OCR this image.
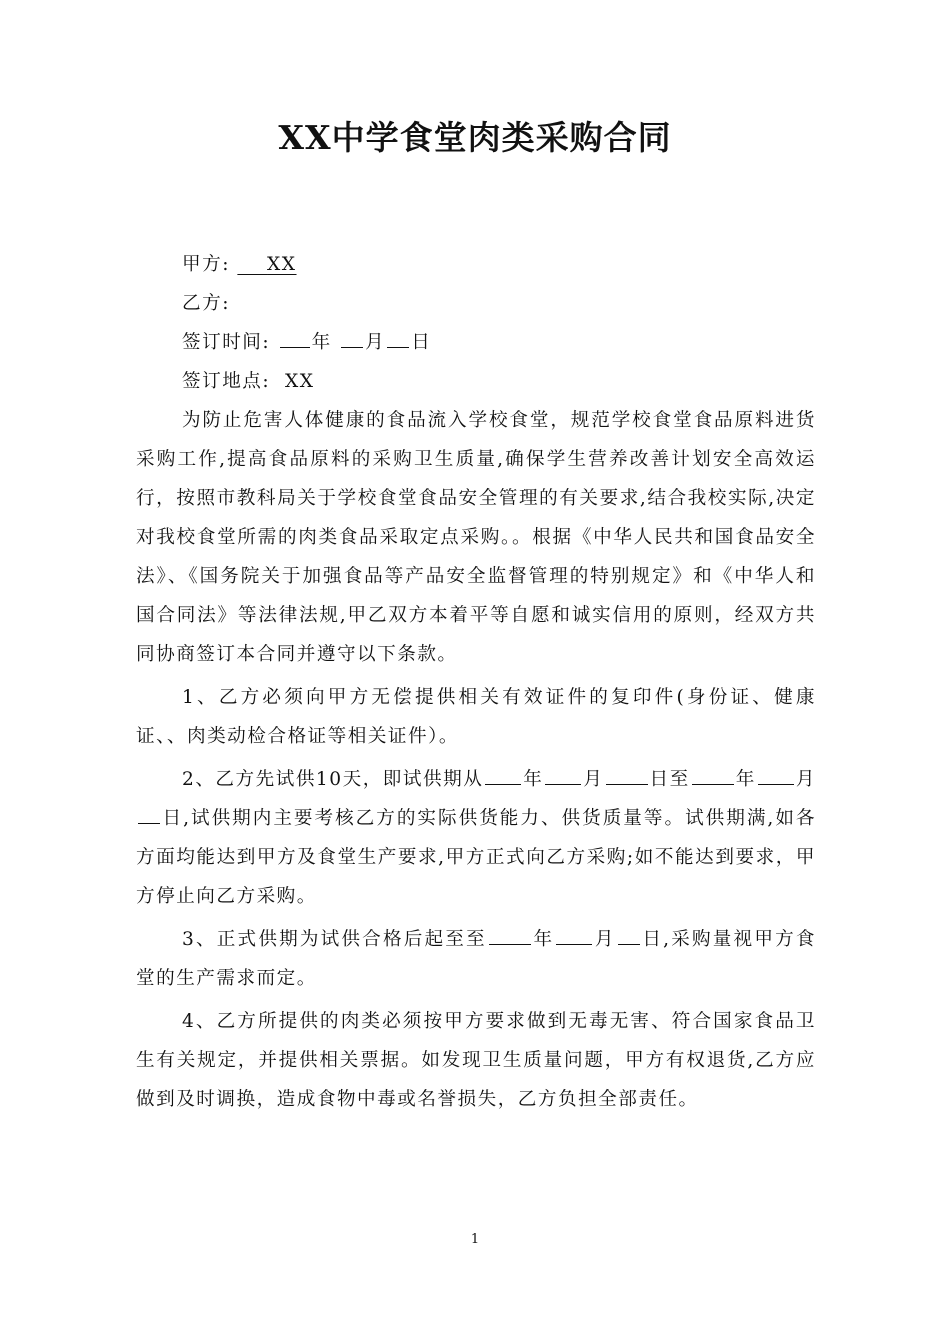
XX中学食堂肉类采购合同

甲方: XX

乙方:

签订时间: 年 月 日

签订地点: XX

为防止危害人体健康的食品流入学校食堂，规范学校食堂食品原料进货采购工作,提高食品原料的采购卫生质量,确保学生营养改善计划安全高效运行，按照市教科局关于学校食堂食品安全管理的有关要求,结合我校实际,决定对我校食堂所需的肉类食品采取定点采购。。根据《中华人民共和国食品安全法》、《国务院关于加强食品等产品安全监督管理的特别规定》和《中华人和国合同法》等法律法规,甲乙双方本着平等自愿和诚实信用的原则，经双方共同协商签订本合同并遵守以下条款。

1、乙方必须向甲方无偿提供相关有效证件的复印件(身份证、健康证、、肉类动检合格证等相关证件）。

2、乙方先试供10天，即试供期从 年 月 日至 年 月日,试供期内主要考核乙方的实际供货能力、供货质量等。试供期满,如各方面均能达到甲方及食堂生产要求,甲方正式向乙方采购;如不能达到要求，甲方停止向乙方采购。

3、正式供期为试供合格后起至至 年 月 日,采购量视甲方食堂的生产需求而定。

4、乙方所提供的肉类必须按甲方要求做到无毒无害、符合国家食品卫生有关规定，并提供相关票据。如发现卫生质量问题，甲方有权退货,乙方应做到及时调换，造成食物中毒或名誉损失，乙方负担全部责任。

1
